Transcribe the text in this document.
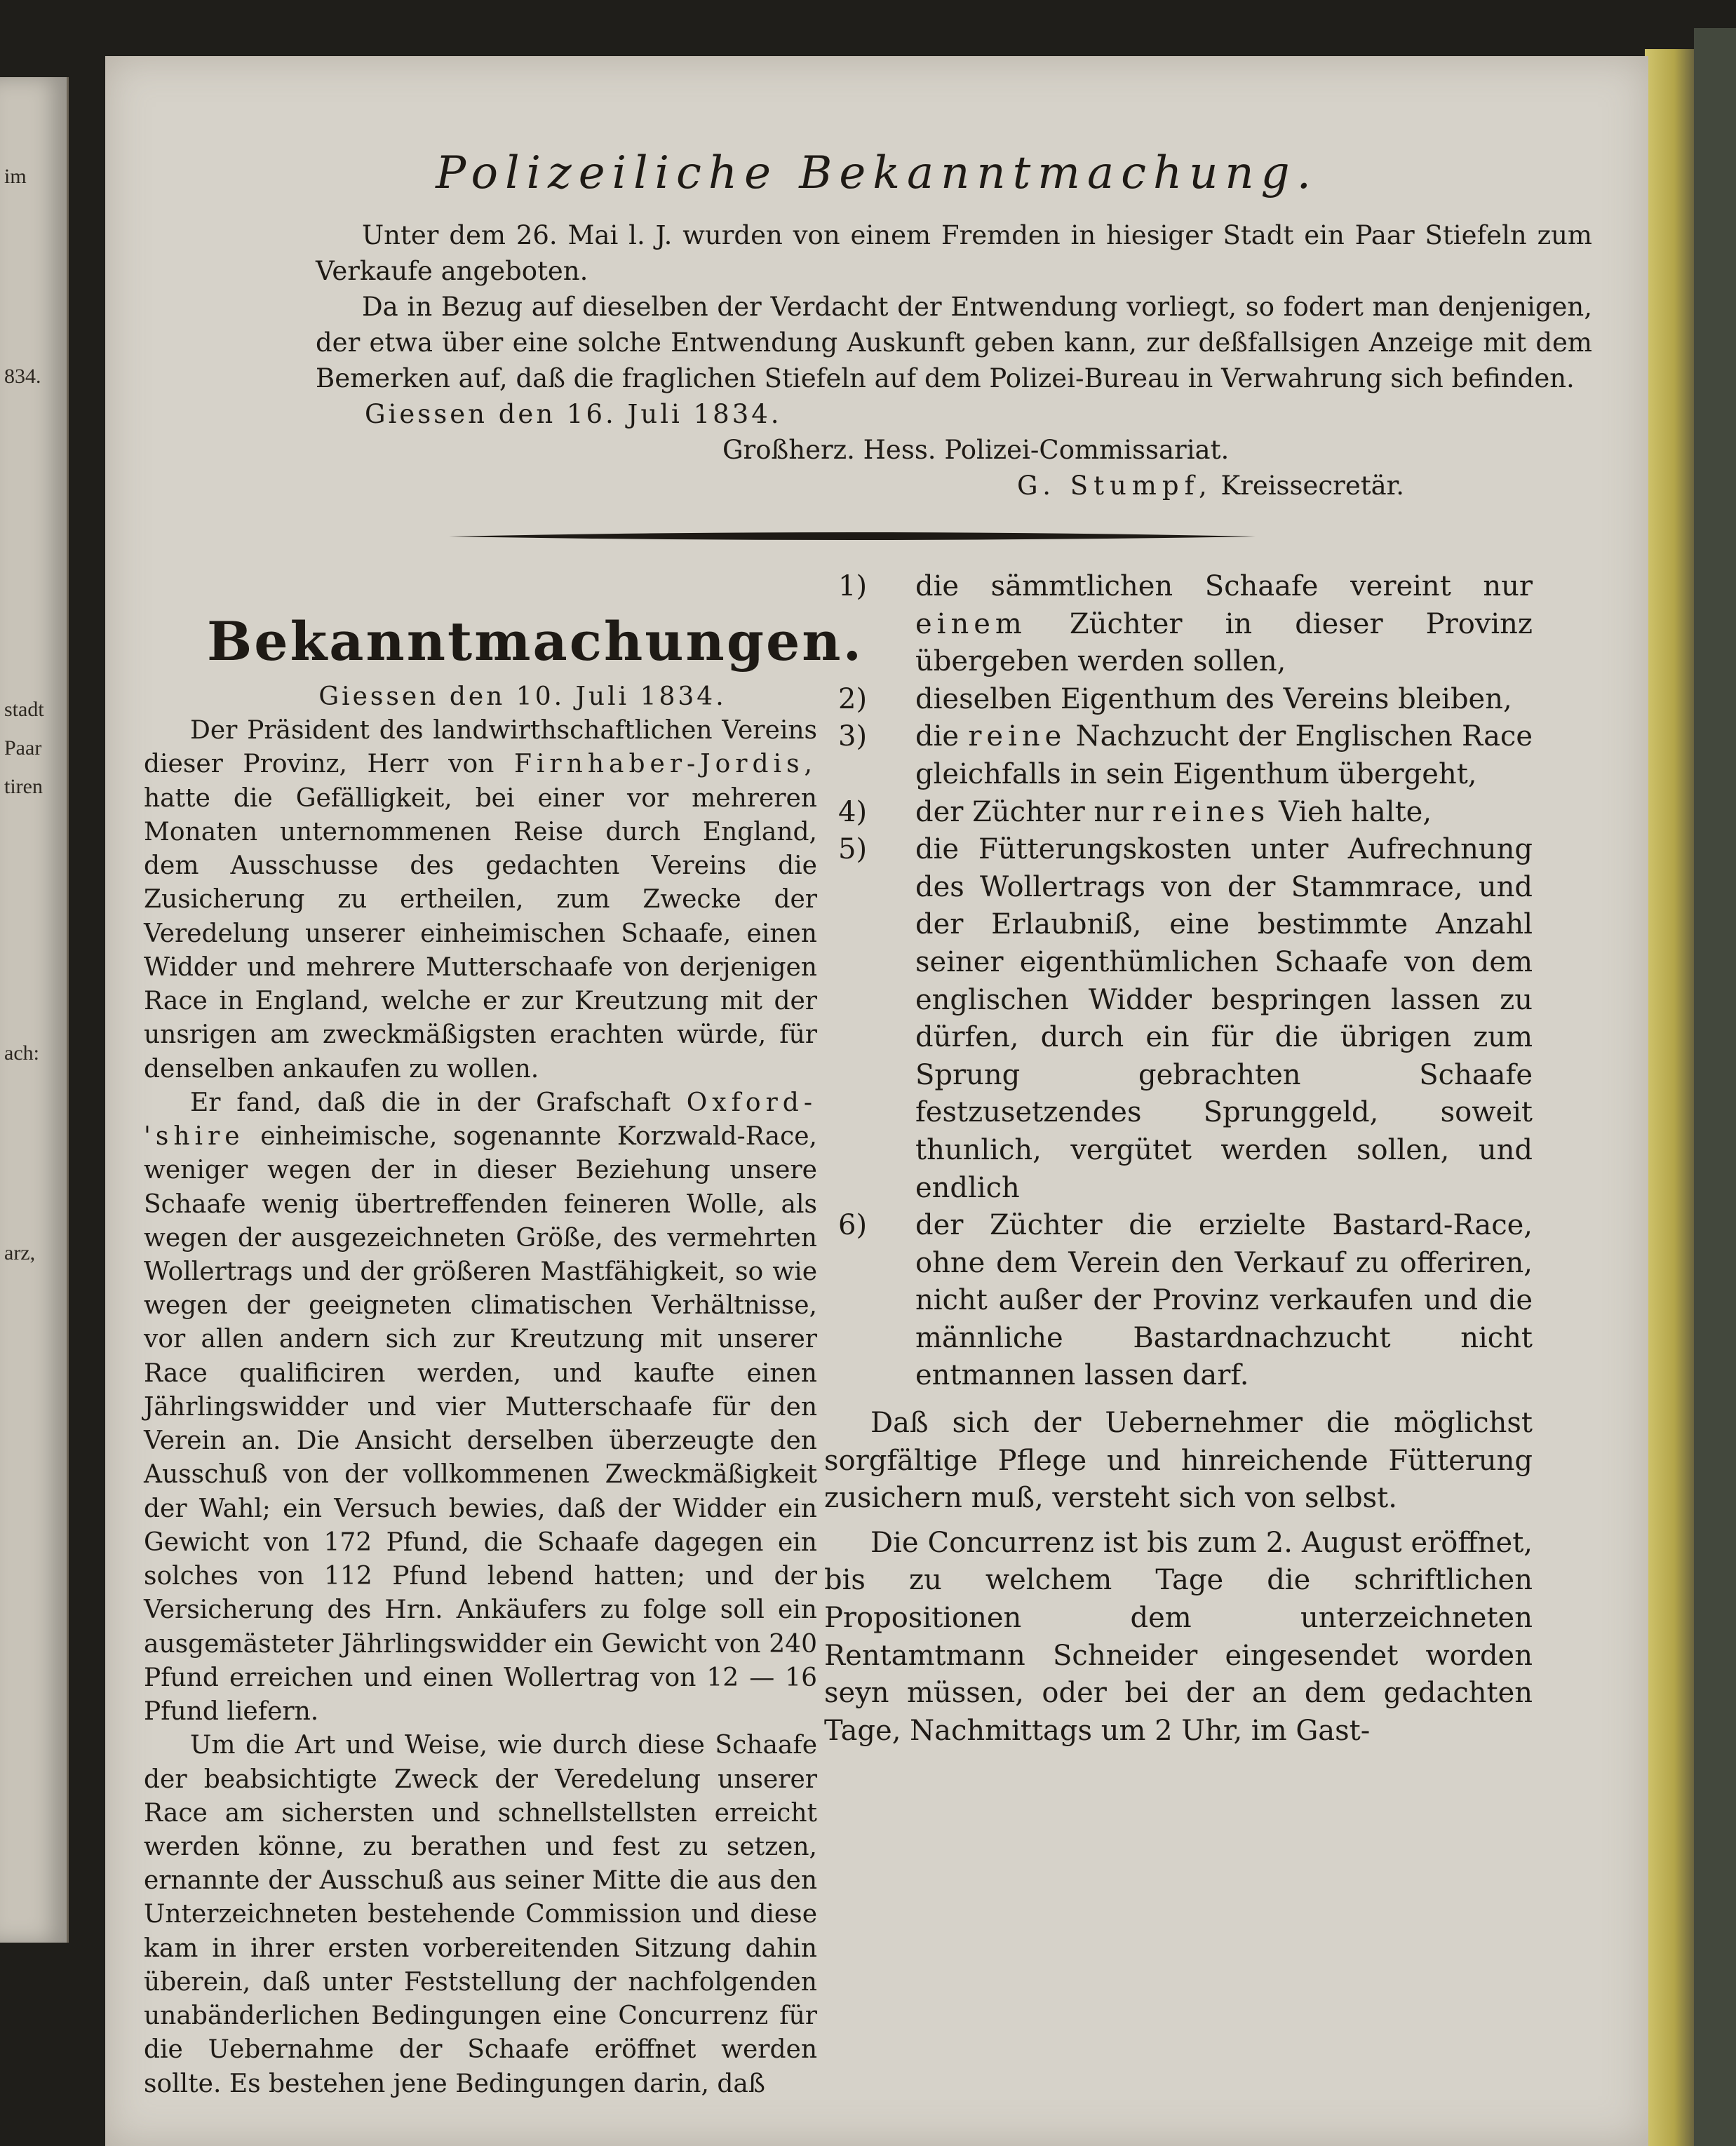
im
834.
stadt
Paar
tiren
ach:
arz,
Polizeiliche Bekanntmachung.

Unter dem 26. Mai l. J. wurden von einem Fremden in hiesiger Stadt ein Paar Stiefeln zum Verkaufe angeboten.

Da in Bezug auf dieselben der Verdacht der Entwendung vorliegt, so fodert man denjenigen, der etwa über eine solche Entwendung Auskunft geben kann, zur deßfallsigen Anzeige mit dem Bemerken auf, daß die fraglichen Stiefeln auf dem Polizei-Bureau in Verwahrung sich befinden.

Giessen den 16. Juli 1834.

Großherz. Hess. Polizei-Commissariat.

G. Stumpf, Kreissecretär.

Bekanntmachungen.

Giessen den 10. Juli 1834.

Der Präsident des landwirthschaftlichen Vereins dieser Provinz, Herr von Firnhaber-Jordis, hatte die Gefälligkeit, bei einer vor mehreren Monaten unternommenen Reise durch England, dem Ausschusse des gedachten Vereins die Zusicherung zu ertheilen, zum Zwecke der Veredelung unserer einheimischen Schaafe, einen Widder und mehrere Mutterschaafe von derjenigen Race in England, welche er zur Kreutzung mit der unsrigen am zweckmäßigsten erachten würde, für denselben ankaufen zu wollen.

Er fand, daß die in der Grafschaft Oxford-'shire einheimische, sogenannte Korzwald-Race, weniger wegen der in dieser Beziehung unsere Schaafe wenig übertreffenden feineren Wolle, als wegen der ausgezeichneten Größe, des vermehrten Wollertrags und der größeren Mastfähigkeit, so wie wegen der geeigneten climatischen Verhältnisse, vor allen andern sich zur Kreutzung mit unserer Race qualificiren werden, und kaufte einen Jährlingswidder und vier Mutterschaafe für den Verein an. Die Ansicht derselben überzeugte den Ausschuß von der vollkommenen Zweckmäßigkeit der Wahl; ein Versuch bewies, daß der Widder ein Gewicht von 172 Pfund, die Schaafe dagegen ein solches von 112 Pfund lebend hatten; und der Versicherung des Hrn. Ankäufers zu folge soll ein ausgemästeter Jährlingswidder ein Gewicht von 240 Pfund erreichen und einen Wollertrag von 12 — 16 Pfund liefern.

Um die Art und Weise, wie durch diese Schaafe der beabsichtigte Zweck der Veredelung unserer Race am sichersten und schnellstellsten erreicht werden könne, zu berathen und fest zu setzen, ernannte der Ausschuß aus seiner Mitte die aus den Unterzeichneten bestehende Commission und diese kam in ihrer ersten vorbereitenden Sitzung dahin überein, daß unter Feststellung der nachfolgenden unabänderlichen Bedingungen eine Concurrenz für die Uebernahme der Schaafe eröffnet werden sollte. Es bestehen jene Bedingungen darin, daß

1)	die sämmtlichen Schaafe vereint nur einem Züchter in dieser Provinz übergeben werden sollen,
2)	dieselben Eigenthum des Vereins bleiben,
3)	die reine Nachzucht der Englischen Race gleichfalls in sein Eigenthum übergeht,
4)	der Züchter nur reines Vieh halte,
5)	die Fütterungskosten unter Aufrechnung des Wollertrags von der Stammrace, und der Erlaubniß, eine bestimmte Anzahl seiner eigenthümlichen Schaafe von dem englischen Widder bespringen lassen zu dürfen, durch ein für die übrigen zum Sprung gebrachten Schaafe festzusetzendes Sprunggeld, soweit thunlich, vergütet werden sollen, und endlich
6)	der Züchter die erzielte Bastard-Race, ohne dem Verein den Verkauf zu offeriren, nicht außer der Provinz verkaufen und die männliche Bastardnachzucht nicht entmannen lassen darf.

Daß sich der Uebernehmer die möglichst sorgfältige Pflege und hinreichende Fütterung zusichern muß, versteht sich von selbst.

Die Concurrenz ist bis zum 2. August eröffnet, bis zu welchem Tage die schriftlichen Propositionen dem unterzeichneten Rentamtmann Schneider eingesendet worden seyn müssen, oder bei der an dem gedachten Tage, Nachmittags um 2 Uhr, im Gast-
